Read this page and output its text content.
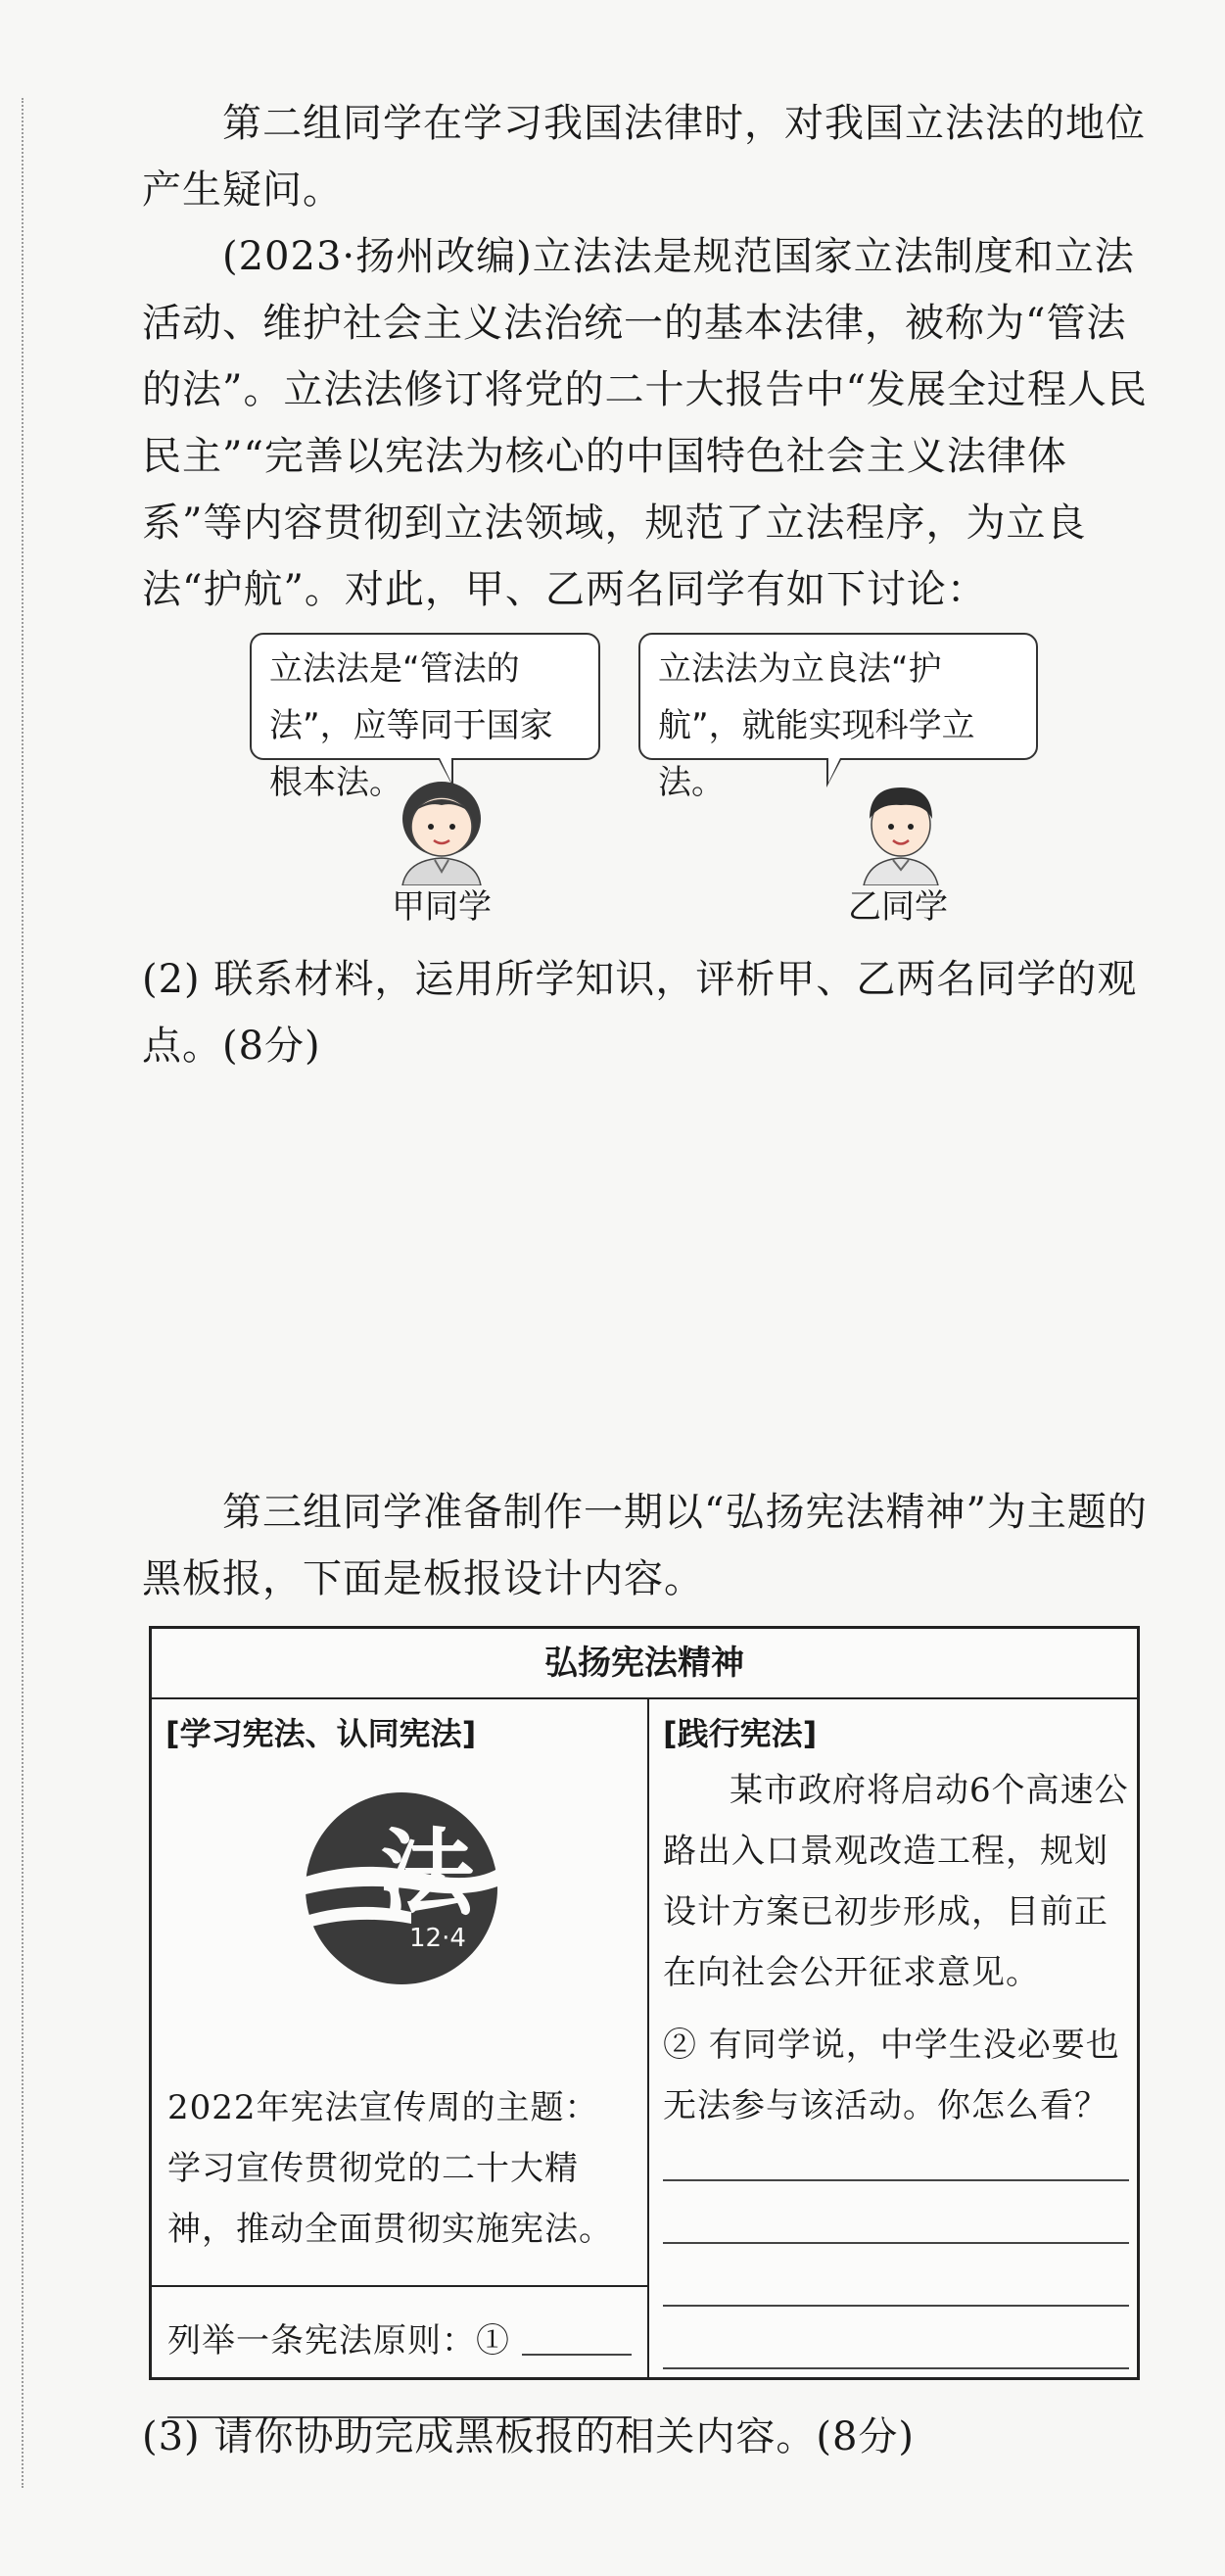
第二组同学在学习我国法律时，对我国立法法的地位产生疑问。

(2023·扬州改编)立法法是规范国家立法制度和立法活动、维护社会主义法治统一的基本法律，被称为“管法的法”。立法法修订将党的二十大报告中“发展全过程人民民主”“完善以宪法为核心的中国特色社会主义法律体系”等内容贯彻到立法领域，规范了立法程序，为立良法“护航”。对此，甲、乙两名同学有如下讨论：

立法法是“管法的法”，应等同于国家根本法。
立法法为立良法“护航”，就能实现科学立法。
甲同学	乙同学

(2) 联系材料，运用所学知识，评析甲、乙两名同学的观点。(8分)

第三组同学准备制作一期以“弘扬宪法精神”为主题的黑板报，下面是板报设计内容。

弘扬宪法精神
[学习宪法、认同宪法]
法
12·4

2022年宪法宣传周的主题：学习宣传贯彻党的二十大精神，推动全面贯彻实施宪法。

列举一条宪法原则：①

[践行宪法]

某市政府将启动6个高速公路出入口景观改造工程，规划设计方案已初步形成，目前正在向社会公开征求意见。

② 有同学说，中学生没必要也无法参与该活动。你怎么看？

(3) 请你协助完成黑板报的相关内容。(8分)
